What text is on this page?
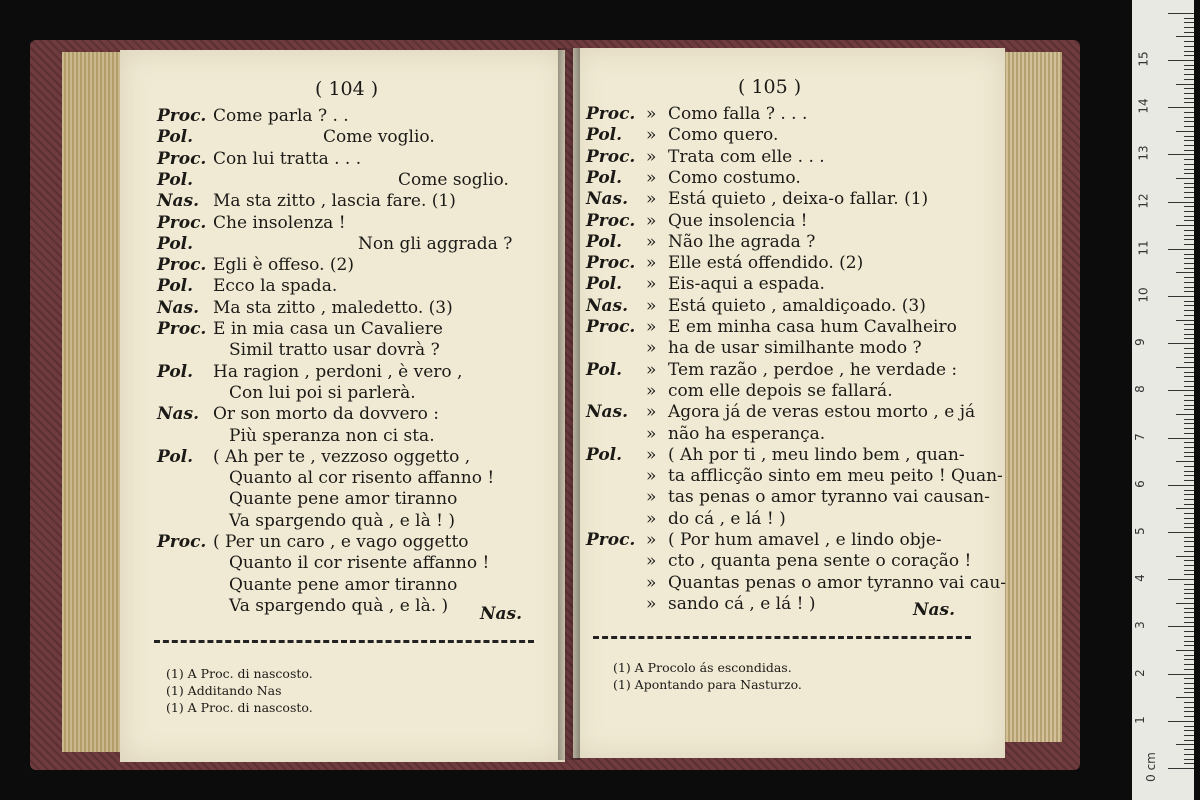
( 104 )
Proc. Come parla ? . .
Pol.	Come voglio.
Proc. Con lui tratta . . .
Pol.	Come soglio.
Nas. Ma sta zitto , lascia fare. (1)
Proc. Che insolenza !
Pol.	Non gli aggrada ?
Proc. Egli è offeso. (2)
Pol. Ecco la spada.
Nas. Ma sta zitto , maledetto. (3)
Proc. E in mia casa un Cavaliere
Simil tratto usar dovrà ?
Pol. Ha ragion , perdoni , è vero ,
Con lui poi si parlerà.
Nas. Or son morto da dovvero :
Più speranza non ci sta.
Pol. ( Ah per te , vezzoso oggetto ,
Quanto al cor risento affanno !
Quante pene amor tiranno
Va spargendo quà , e là ! )
Proc. ( Per un caro , e vago oggetto
Quanto il cor risente affanno !
Quante pene amor tiranno
Va spargendo quà , e là. ) Nas.
(1) A Proc. di nascosto.
(1) Additando Nas
(1) A Proc. di nascosto.
( 105 )
Proc. » Como falla ? . . .
Pol. » Como quero.
Proc. » Trata com elle . . .
Pol. » Como costumo.
Nas. » Está quieto , deixa-o fallar. (1)
Proc. » Que insolencia !
Pol. » Não lhe agrada ?
Proc. » Elle está offendido. (2)
Pol. » Eis-aqui a espada.
Nas. » Está quieto , amaldiçoado. (3)
Proc. » E em minha casa hum Cavalheiro
» ha de usar similhante modo ?
Pol. » Tem razão , perdoe , he verdade :
» com elle depois se fallará.
Nas. » Agora já de veras estou morto , e já
» não ha esperança.
Pol. » ( Ah por ti , meu lindo bem , quan-
» ta afflicção sinto em meu peito ! Quan-
» tas penas o amor tyranno vai causan-
» do cá , e lá ! )
Proc. » ( Por hum amavel , e lindo obje-
» cto , quanta pena sente o coração !
» Quantas penas o amor tyranno vai cau-
» sando cá , e lá ! )	Nas.
(1) A Procolo ás escondidas.
(1) Apontando para Nasturzo.
0 cm
1
2
3
4
5
6
7
8
9
10
11
12
13
14
15
